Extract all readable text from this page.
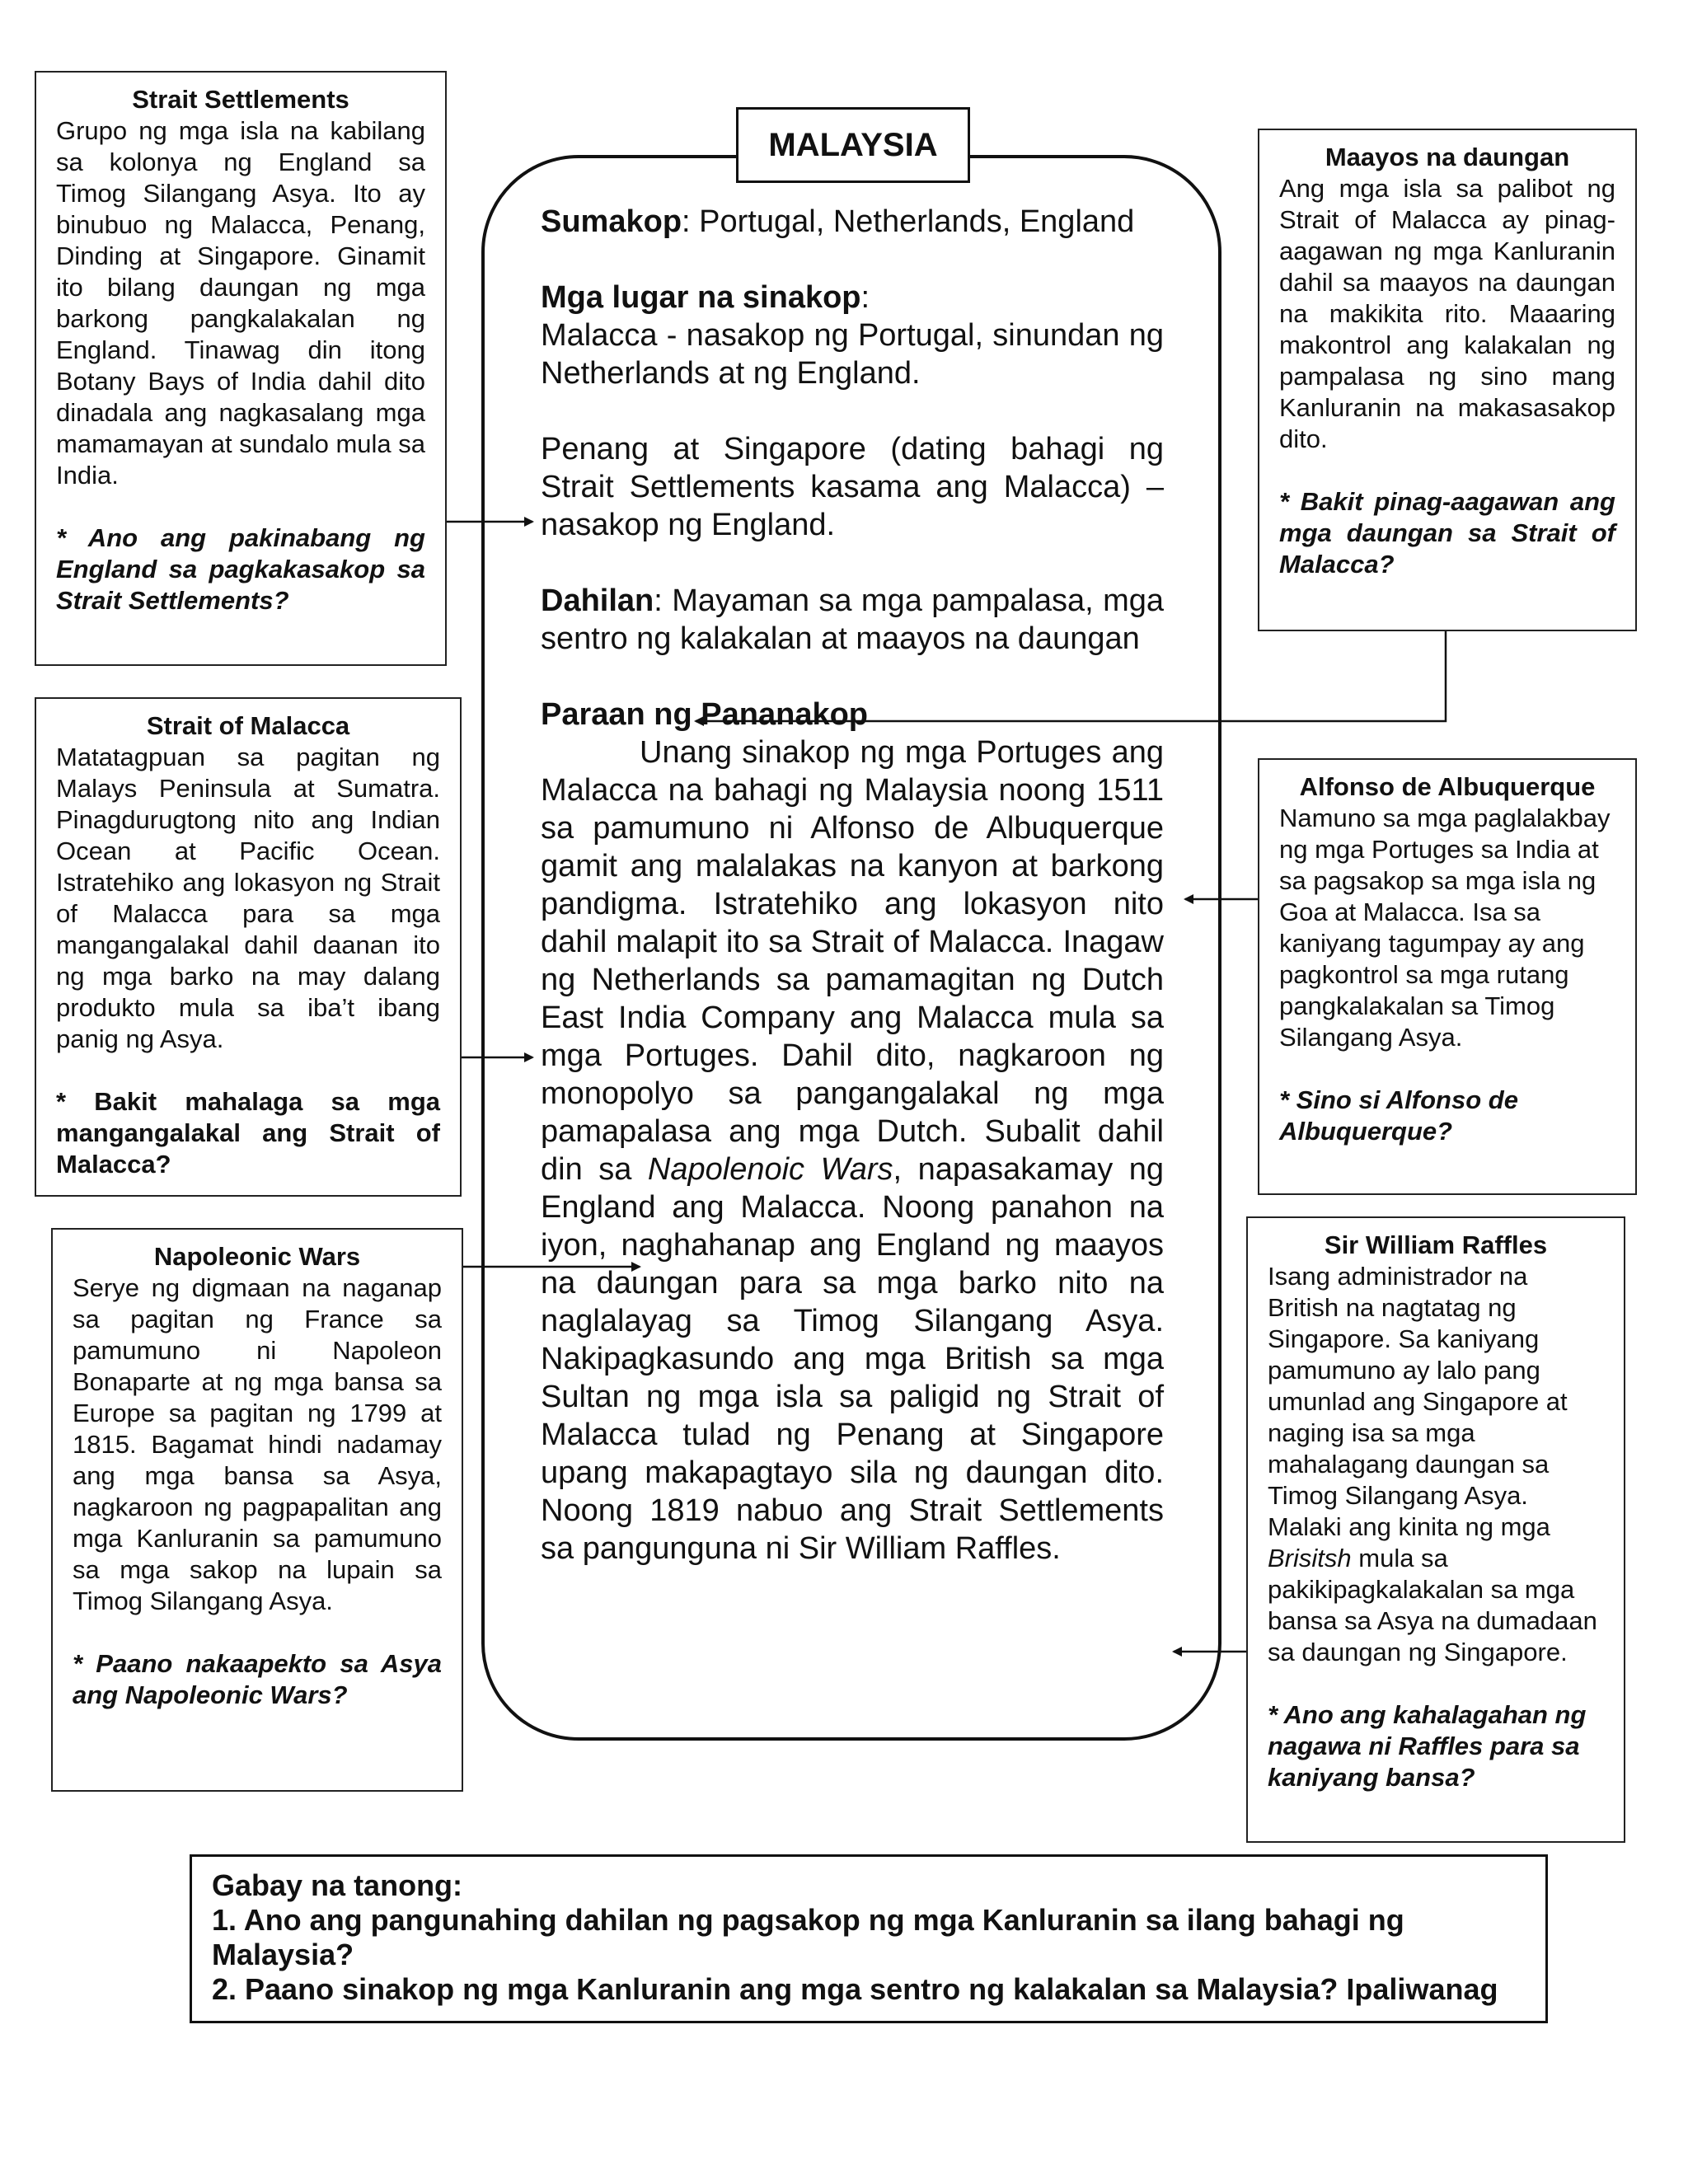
Strait Settlements

Grupo ng mga isla na kabilang sa kolonya ng England sa Timog Silangang Asya. Ito ay binubuo ng Malacca, Penang, Dinding at Singapore. Ginamit ito bilang daungan ng mga barkong pangkalakalan ng England. Tinawag din itong Botany Bays of India dahil dito dinadala ang nagkasalang mga mamamayan at sundalo mula sa India.

* Ano ang pakinabang ng England sa pagkakasakop sa Strait Settlements?
Strait of Malacca

Matatagpuan sa pagitan ng Malays Peninsula at Sumatra. Pinagdurugtong nito ang Indian Ocean at Pacific Ocean. Istratehiko ang lokasyon ng Strait of Malacca para sa mga mangangalakal dahil daanan ito ng mga barko na may dalang produkto mula sa iba’t ibang panig ng Asya.

* Bakit mahalaga sa mga mangangalakal ang Strait of Malacca?
Napoleonic Wars

Serye ng digmaan na naganap sa pagitan ng France sa pamumuno ni Napoleon Bonaparte at ng mga bansa sa Europe sa pagitan ng 1799 at 1815. Bagamat hindi nadamay ang mga bansa sa Asya, nagkaroon ng pagpapalitan ang mga Kanluranin sa pamumuno sa mga sakop na lupain sa Timog Silangang Asya.

* Paano nakaapekto sa Asya ang Napoleonic Wars?
Maayos na daungan

Ang mga isla sa palibot ng Strait of Malacca ay pinag-aagawan ng mga Kanluranin dahil sa maayos na daungan na makikita rito. Maaaring makontrol ang kalakalan ng pampalasa ng sino mang Kanluranin na makasasakop dito.

* Bakit pinag-aagawan ang mga daungan sa Strait of Malacca?
Alfonso de Albuquerque

Namuno sa mga paglalakbay ng mga Portuges sa India at sa pagsakop sa mga isla ng Goa at Malacca. Isa sa kaniyang tagumpay ay ang pagkontrol sa mga rutang pangkalakalan sa Timog Silangang Asya.

* Sino si Alfonso de Albuquerque?
Sir William Raffles

Isang administrador na British na nagtatag ng Singapore. Sa kaniyang pamumuno ay lalo pang umunlad ang Singapore at naging isa sa mga mahalagang daungan sa Timog Silangang Asya. Malaki ang kinita ng mga Brisitsh mula sa pakikipagkalakalan sa mga bansa sa Asya na dumadaan sa daungan ng Singapore.

* Ano ang kahalagahan ng nagawa ni Raffles para sa kaniyang bansa?
MALAYSIA
Sumakop: Portugal, Netherlands, England
Mga lugar na sinakop:
Malacca - nasakop ng Portugal, sinundan ng Netherlands at ng England.
Penang at Singapore (dating bahagi ng Strait Settlements kasama ang Malacca) – nasakop ng England.
Dahilan: Mayaman sa mga pampalasa, mga sentro ng kalakalan at maayos na daungan
Paraan ng Pananakop
Unang sinakop ng mga Portuges ang Malacca na bahagi ng Malaysia noong 1511 sa pamumuno ni Alfonso de Albuquerque gamit ang malalakas na kanyon at barkong pandigma. Istratehiko ang lokasyon nito dahil malapit ito sa Strait of Malacca. Inagaw ng Netherlands sa pamamagitan ng Dutch East India Company ang Malacca mula sa mga Portuges. Dahil dito, nagkaroon ng monopolyo sa pangangalakal ng mga pamapalasa ang mga Dutch. Subalit dahil din sa Napolenoic Wars, napasakamay ng England ang Malacca. Noong panahon na iyon, naghahanap ang England ng maayos na daungan para sa mga barko nito na naglalayag sa Timog Silangang Asya. Nakipagkasundo ang mga British sa mga Sultan ng mga isla sa paligid ng Strait of Malacca tulad ng Penang at Singapore upang makapagtayo sila ng daungan dito. Noong 1819 nabuo ang Strait Settlements sa pangunguna ni Sir William Raffles.
Gabay na tanong:
1. Ano ang pangunahing dahilan ng pagsakop ng mga Kanluranin sa ilang bahagi ng Malaysia?
2. Paano sinakop ng mga Kanluranin ang mga sentro ng kalakalan sa Malaysia? Ipaliwanag
